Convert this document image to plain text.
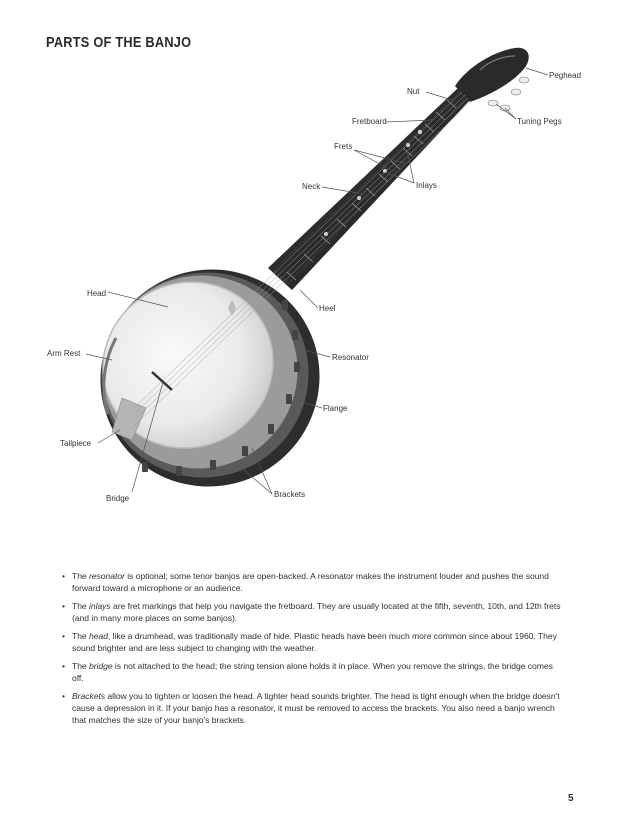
PARTS OF THE BANJO
Peghead
Nut
Tuning Pegs
Fretboard
Frets
Inlays
Neck
Head
Heel
Arm Rest	Resonator
Flange
Tailpiece
Brackets
Bridge
• The resonator is optional; some tenor banjos are open-backed. A resonator makes the instrument louder and pushes the sound forward toward a microphone or an audience.
• The inlays are fret markings that help you navigate the fretboard. They are usually located at the fifth, seventh, 10th, and 12th frets (and in many more places on some banjos).
• The head, like a drumhead, was traditionally made of hide. Plastic heads have been much more common since about 1960. They sound brighter and are less subject to changing with the weather.
• The bridge is not attached to the head; the string tension alone holds it in place. When you remove the strings, the bridge comes off.
• Brackets allow you to tighten or loosen the head. A tighter head sounds brighter. The head is tight enough when the bridge doesn't cause a depression in it. If your banjo has a resonator, it must be removed to access the brackets. You also need a banjo wrench that matches the size of your banjo's brackets.
5
